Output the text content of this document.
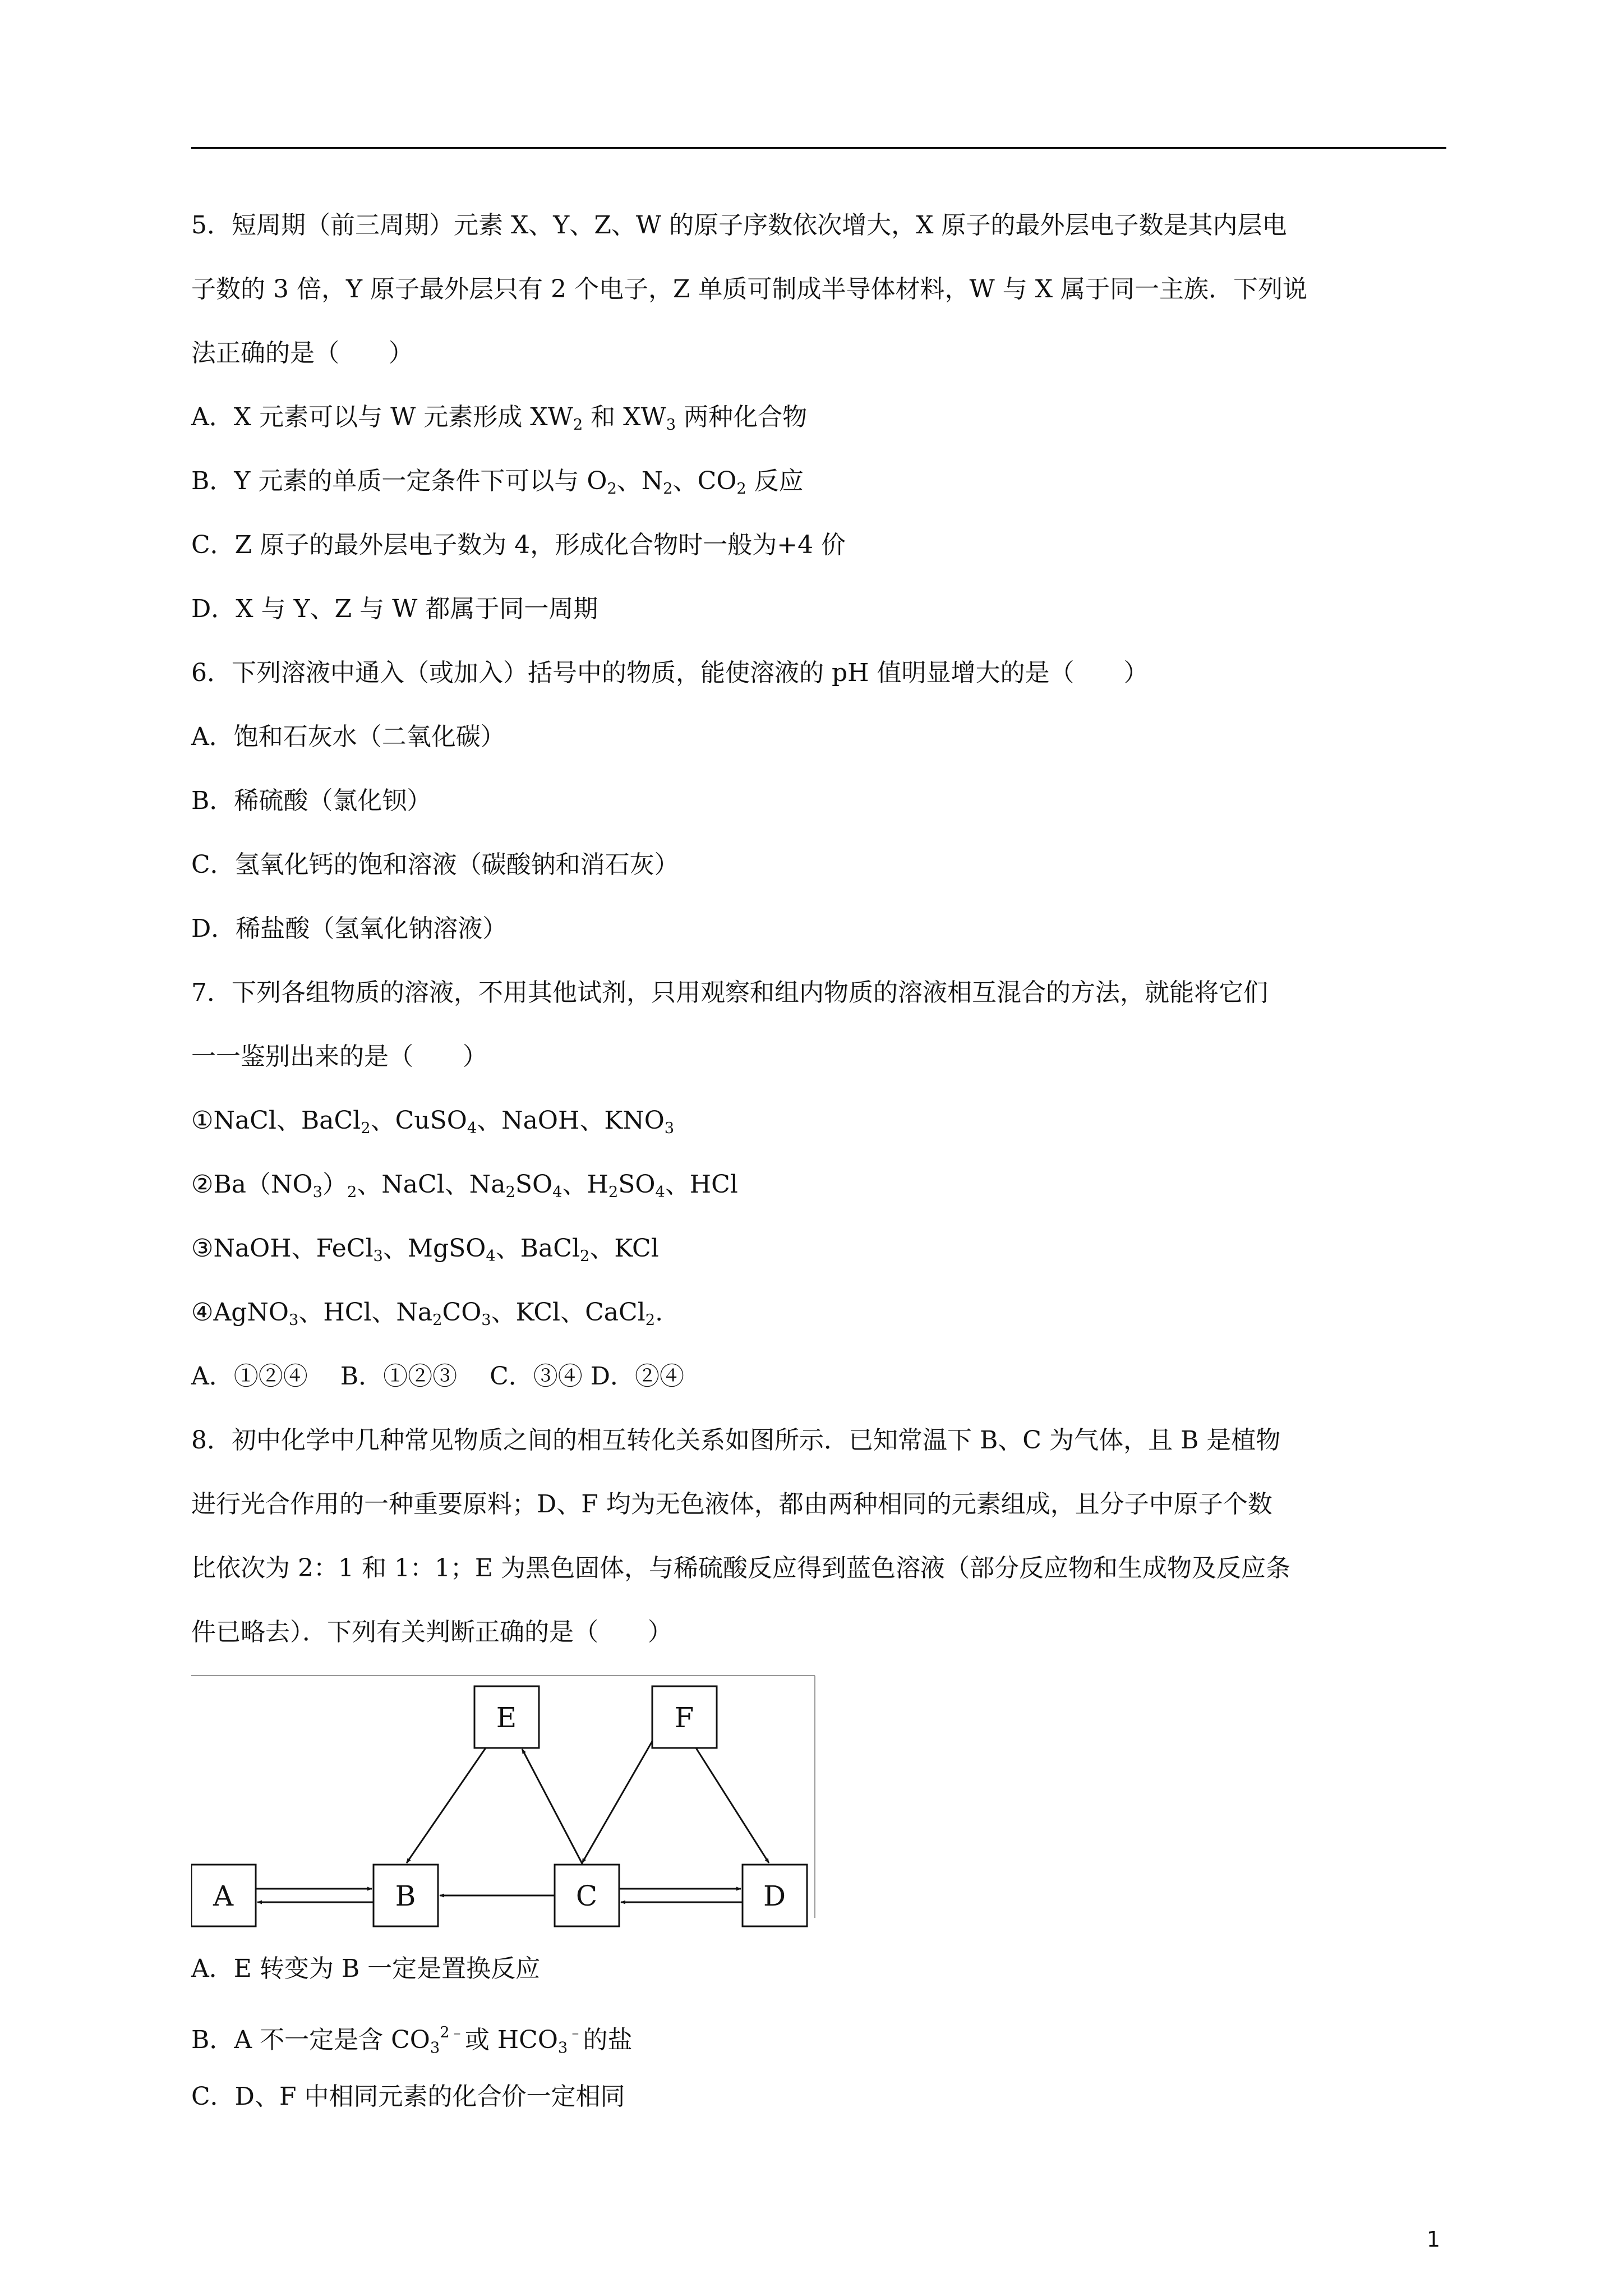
5．短周期（前三周期）元素 X、Y、Z、W 的原子序数依次增大，X 原子的最外层电子数是其内层电
子数的 3 倍，Y 原子最外层只有 2 个电子，Z 单质可制成半导体材料，W 与 X 属于同一主族．下列说
法正确的是（　　）
A．X 元素可以与 W 元素形成 $XW_2$ 和 $XW_3$ 两种化合物
B．Y 元素的单质一定条件下可以与 $O_2$、$N_2$、$CO_2$ 反应
C．Z 原子的最外层电子数为 4，形成化合物时一般为+4 价
D．X 与 Y、Z 与 W 都属于同一周期
6．下列溶液中通入（或加入）括号中的物质，能使溶液的 pH 值明显增大的是（　　）
A．饱和石灰水（二氧化碳）
B．稀硫酸（氯化钡）
C．氢氧化钙的饱和溶液（碳酸钠和消石灰）
D．稀盐酸（氢氧化钠溶液）
7．下列各组物质的溶液，不用其他试剂，只用观察和组内物质的溶液相互混合的方法，就能将它们
一一鉴别出来的是（　　）
①NaCl、BaCl$_2$、CuSO$_4$、NaOH、$KNO_3$
$②Ba(NO_3)_2$、NaCl、$Na_2SO_4$、$H_2SO_4$、HCl
③NaOH、FeCl$_3$、MgSO$_4$、BaCl$_2$、KCl
④AgNO$_3$、HCl、$Na_2CO_3$、KCl、CaCl$_2$.
A．①②④　 B．①②③　 C．③④ D．②④
8．初中化学中几种常见物质之间的相互转化关系如图所示．已知常温下 B、C 为气体，且 B 是植物
进行光合作用的一种重要原料；D、F 均为无色液体，都由两种相同的元素组成，且分子中原子个数
比依次为 2：1 和 1：1；E 为黑色固体，与稀硫酸反应得到蓝色溶液（部分反应物和生成物及反应条
件已略去）．下列有关判断正确的是（　　）
A	B	C	D
E	F
A．E 转变为 B 一定是置换反应
B．A 不一定是含 $CO_3^{2﹣}$或 $HCO_3^﹣$的盐
C．D、F 中相同元素的化合价一定相同
1
